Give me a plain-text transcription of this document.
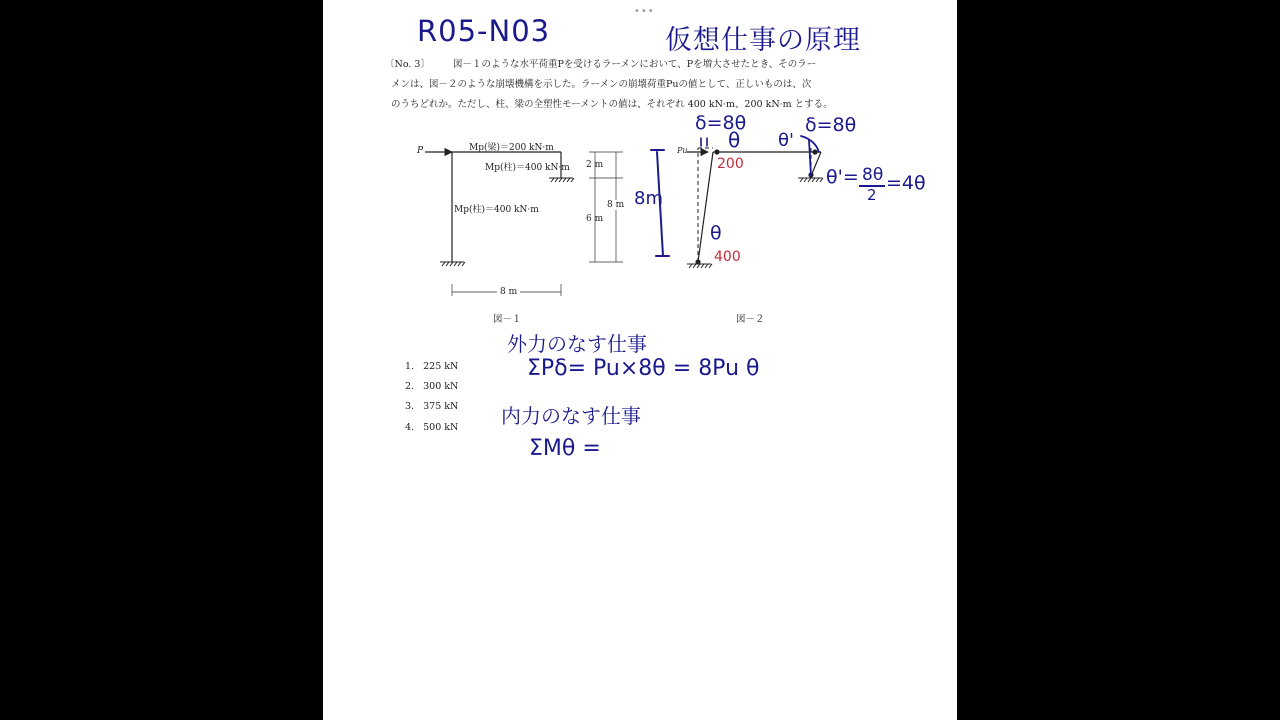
•••
R05-N03	仮想仕事の原理
〔No. 3〕 図－１のような水平荷重Pを受けるラーメンにおいて、Pを増大させたとき、そのラー
メンは、図－２のような崩壊機構を示した。ラーメンの崩壊荷重Puの値として、正しいものは、次
のうちどれか。ただし、柱、梁の全塑性モーメントの値は、それぞれ 400 kN·m、200 kN·m とする。
P	Mp(梁)＝200 kN·m
Mp(柱)＝400 kN·m
Mp(柱)＝400 kN·m
2 m
6 m
8 m
8 m
図－１
Pu
図－２
1. 225 kN
2. 300 kN
3. 375 kN
4. 500 kN
δ=8θ
θ θ'
δ=8θ
θ'= 8θ
2
=4θ
8m
θ
200
400
外力のなす仕事
ΣPδ= Pu×8θ = 8Pu θ
内力のなす仕事
ΣMθ =
